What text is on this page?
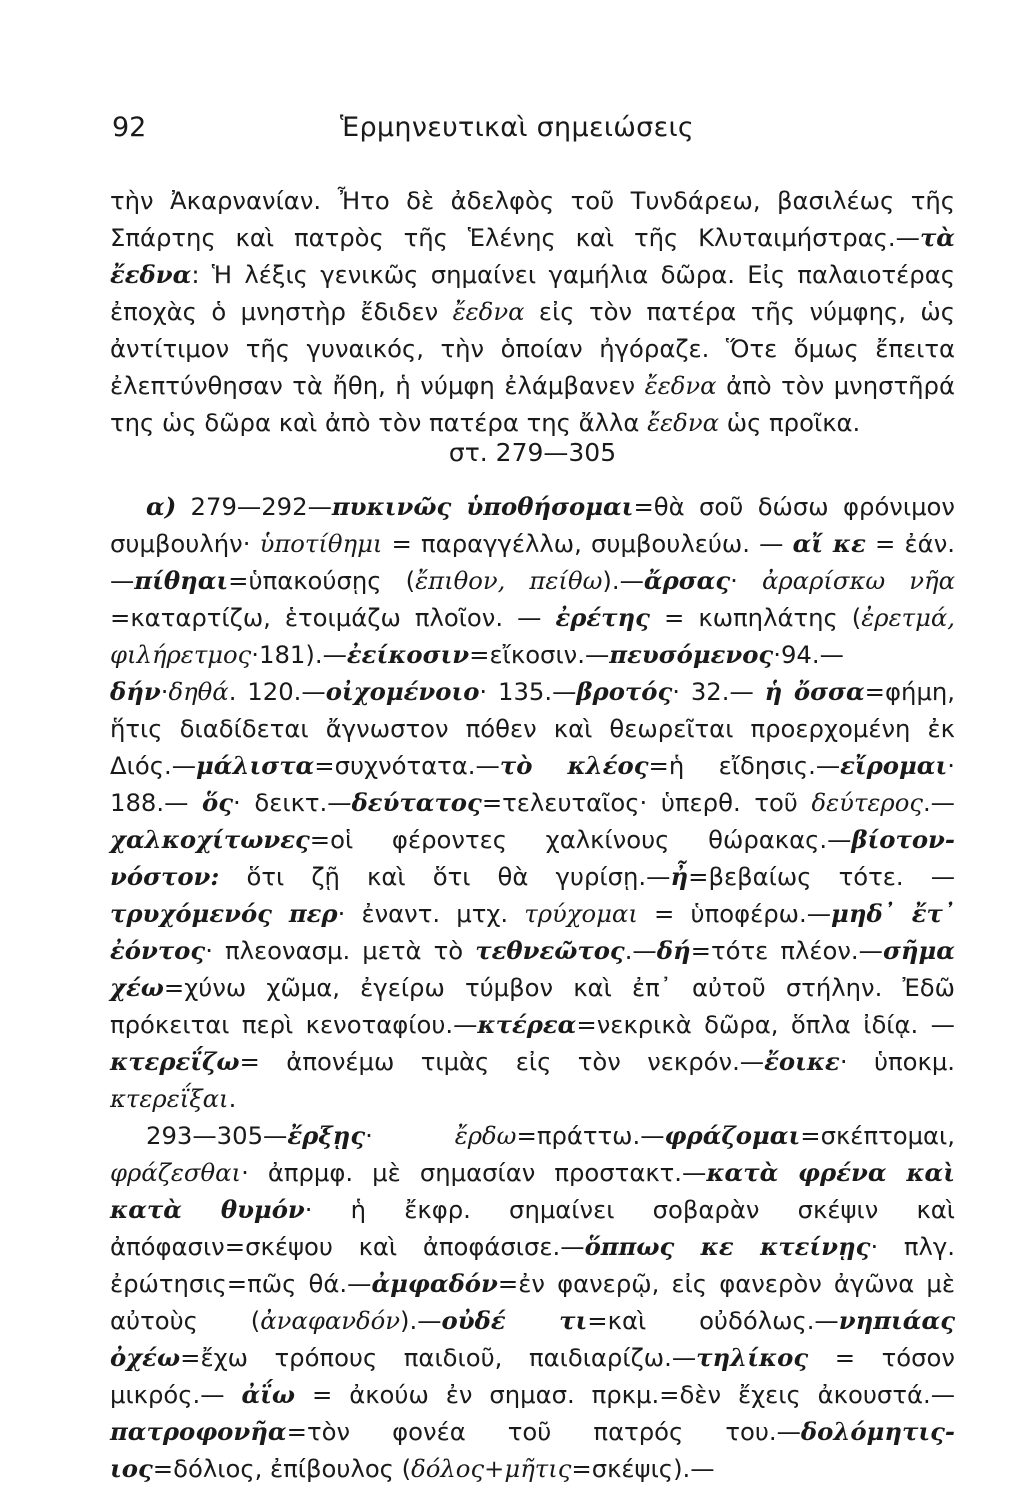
92	Ἑρμηνευτικαὶ σημειώσεις

τὴν Ἀκαρνανίαν. Ἦτο δὲ ἀδελφὸς τοῦ Τυνδάρεω, βασιλέως τῆς Σπάρτης καὶ πατρὸς τῆς Ἑλένης καὶ τῆς Κλυταιμήστρας.—τὰ ἔεδνα: Ἡ λέξις γενικῶς σημαίνει γαμήλια δῶρα. Εἰς παλαιοτέρας ἐποχὰς ὁ μνηστὴρ ἔδιδεν ἔεδνα εἰς τὸν πατέρα τῆς νύμφης, ὡς ἀντίτιμον τῆς γυναικός, τὴν ὁποίαν ἠγόραζε. Ὅτε ὅμως ἔπειτα ἐλεπτύνθησαν τὰ ἤθη, ἡ νύμφη ἐλάμβανεν ἔεδνα ἀπὸ τὸν μνηστῆρά της ὡς δῶρα καὶ ἀπὸ τὸν πατέρα της ἄλλα ἔεδνα ὡς προῖκα.

στ. 279—305

α) 279—292—πυκινῶς ὑποθήσομαι=θὰ σοῦ δώσω φρόνιμον συμβουλήν· ὑποτίθημι = παραγγέλλω, συμβουλεύω. — αἴ κε = ἐάν.—πίθηαι=ὑπακούσῃς (ἔπιθον, πείθω).—ἄρσας· ἀραρίσκω νῆα =καταρτίζω, ἑτοιμάζω πλοῖον. — ἐρέτης = κωπηλάτης (ἐρετμά, φιλήρετμος·181).—ἐείκοσιν=εἴκοσιν.—πευσόμενος·94.—δήν·δηθά. 120.—οἰχομένοιο· 135.—βροτός· 32.— ἡ ὄσσα=φήμη, ἥτις διαδίδεται ἄγνωστον πόθεν καὶ θεωρεῖται προερχομένη ἐκ Διός.—μάλιστα=συχνότατα.—τὸ κλέος=ἡ εἴδησις.—εἴρομαι· 188.— ὅς· δεικτ.—δεύτατος=τελευταῖος· ὑπερθ. τοῦ δεύτερος.—χαλκοχίτωνες=οἱ φέροντες χαλκίνους θώρακας.—βίοτον-νόστον: ὅτι ζῇ καὶ ὅτι θὰ γυρίσῃ.—ἦ=βεβαίως τότε. —τρυχόμενός περ· ἐναντ. μτχ. τρύχομαι = ὑποφέρω.—μηδ᾿ ἔτ᾿ ἐόντος· πλεονασμ. μετὰ τὸ τεθνεῶτος.—δή=τότε πλέον.—σῆμα χέω=χύνω χῶμα, ἐγείρω τύμβον καὶ ἐπ᾿ αὐτοῦ στήλην. Ἐδῶ πρόκειται περὶ κενοταφίου.—κτέρεα=νεκρικὰ δῶρα, ὅπλα ἰδίᾳ. — κτερεΐζω= ἀπονέμω τιμὰς εἰς τὸν νεκρόν.—ἔοικε· ὑποκμ. κτερεΐξαι.

293—305—ἔρξῃς· ἔρδω=πράττω.—φράζομαι=σκέπτομαι, φράζεσθαι· ἀπρμφ. μὲ σημασίαν προστακτ.—κατὰ φρένα καὶ κατὰ θυμόν· ἡ ἔκφρ. σημαίνει σοβαρὰν σκέψιν καὶ ἀπόφασιν=σκέψου καὶ ἀποφάσισε.—ὅππως κε κτείνῃς· πλγ. ἐρώτησις=πῶς θά.—ἀμφαδόν=ἐν φανερῷ, εἰς φανερὸν ἀγῶνα μὲ αὐτοὺς (ἀναφανδόν).—οὐδέ τι=καὶ οὐδόλως.—νηπιάας ὀχέω=ἔχω τρόπους παιδιοῦ, παιδιαρίζω.—τηλίκος = τόσον μικρός.— ἀΐω = ἀκούω ἐν σημασ. πρκμ.=δὲν ἔχεις ἀκουστά.—πατροφονῆα=τὸν φονέα τοῦ πατρός του.—δολόμητις-ιος=δόλιος, ἐπίβουλος (δόλος+μῆτις=σκέψις).—
